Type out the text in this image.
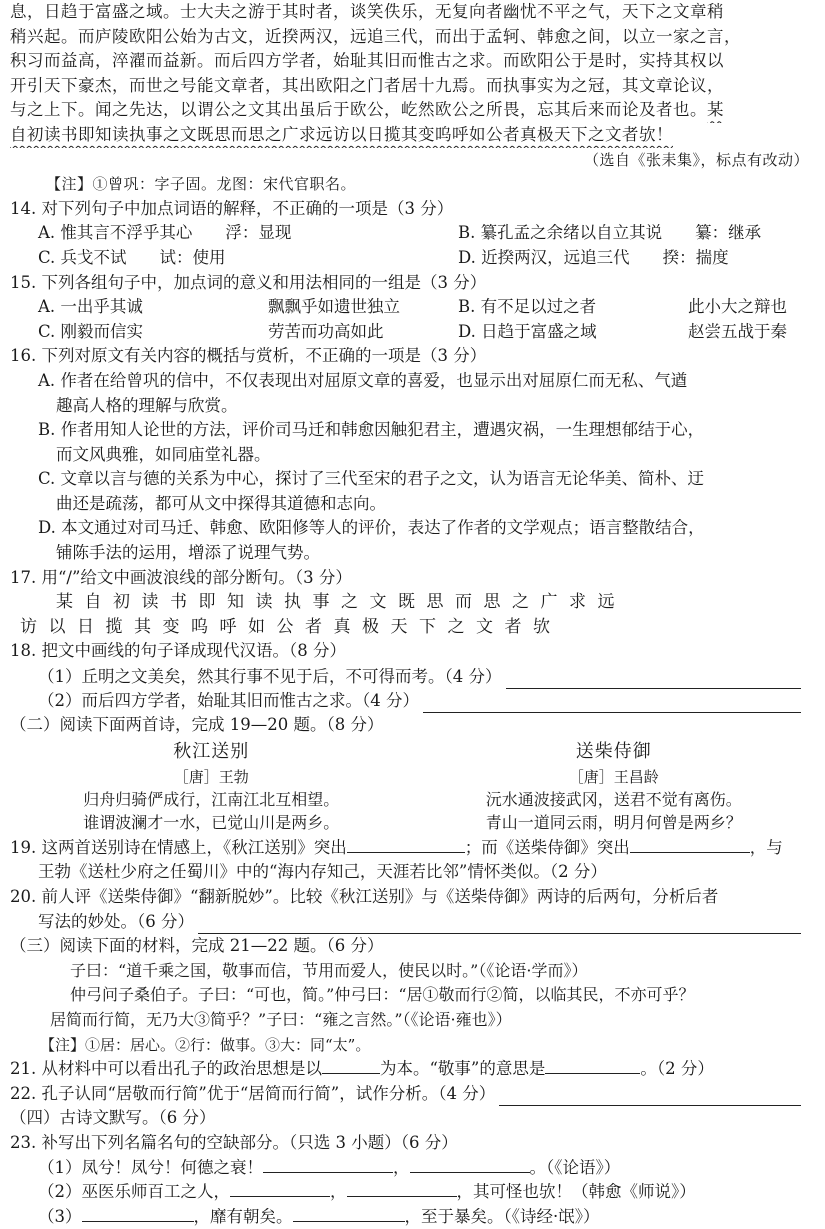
息，日趋于富盛之域。士大夫之游于其时者，谈笑佚乐，无复向者幽忧不平之气，天下之文章稍
稍兴起。而庐陵欧阳公始为古文，近揆两汉，远追三代，而出于孟轲、韩愈之间，以立一家之言，
积习而益高，淬濯而益新。而后四方学者，始耻其旧而惟古之求。而欧阳公于是时，实持其权以
开引天下豪杰，而世之号能文章者，其出欧阳之门者居十九焉。而执事实为之冠，其文章论议，
与之上下。闻之先达，以谓公之文其出虽后于欧公，屹然欧公之所畏，忘其后来而论及者也。某
自初读书即知读执事之文既思而思之广求远访以日揽其变呜呼如公者真极天下之文者欤！
（选自《张耒集》，标点有改动）
【注】①曾巩：字子固。龙图：宋代官职名。
14. 对下列句子中加点词语的解释，不正确的一项是（3 分）
A. 惟其言不浮乎其心　　浮：显现	B. 纂孔孟之余绪以自立其说　　纂：继承
C. 兵戈不试　　试：使用	D. 近揆两汉，远追三代　　揆：揣度
15. 下列各组句子中，加点词的意义和用法相同的一组是（3 分）
A. 一出乎其诚	飘飘乎如遗世独立	B. 有不足以过之者	此小大之辩也
C. 刚毅而信实	劳苦而功高如此	D. 日趋于富盛之域	赵尝五战于秦
16. 下列对原文有关内容的概括与赏析，不正确的一项是（3 分）
A. 作者在给曾巩的信中，不仅表现出对屈原文章的喜爱，也显示出对屈原仁而无私、气遒
趣高人格的理解与欣赏。
B. 作者用知人论世的方法，评价司马迁和韩愈因触犯君主，遭遇灾祸，一生理想郁结于心，
而文风典雅，如同庙堂礼器。
C. 文章以言与德的关系为中心，探讨了三代至宋的君子之文，认为语言无论华美、简朴、迂
曲还是疏荡，都可从文中探得其道德和志向。
D. 本文通过对司马迁、韩愈、欧阳修等人的评价，表达了作者的文学观点；语言整散结合，
铺陈手法的运用，增添了说理气势。
17. 用“/”给文中画波浪线的部分断句。（3 分）
某自初读书即知读执事之文既思而思之广求远
访以日揽其变呜呼如公者真极天下之文者欤
18. 把文中画线的句子译成现代汉语。（8 分）
（1）丘明之文美矣，然其行事不见于后，不可得而考。（4 分）
（2）而后四方学者，始耻其旧而惟古之求。（4 分）
（二）阅读下面两首诗，完成 19—20 题。（8 分）
秋江送别
［唐］王勃
归舟归骑俨成行，江南江北互相望。
谁谓波澜才一水，已觉山川是两乡。
送柴侍御
［唐］王昌龄
沅水通波接武冈，送君不觉有离伤。
青山一道同云雨，明月何曾是两乡？
19. 这两首送别诗在情感上，《秋江送别》突出	；而《送柴侍御》突出	，与
王勃《送杜少府之任蜀川》中的“海内存知己，天涯若比邻”情怀类似。（2 分）
20. 前人评《送柴侍御》“翻新脱妙”。比较《秋江送别》与《送柴侍御》两诗的后两句，分析后者
写法的妙处。（6 分）
（三）阅读下面的材料，完成 21—22 题。（6 分）
子曰：“道千乘之国，敬事而信，节用而爱人，使民以时。”（《论语·学而》）
仲弓问子桑伯子。子曰：“可也，简。”仲弓曰：“居①敬而行②简，以临其民，不亦可乎？
居简而行简，无乃大③简乎？”子曰：“雍之言然。”（《论语·雍也》）
【注】①居：居心。②行：做事。③大：同“太”。
21. 从材料中可以看出孔子的政治思想是以	为本。“敬事”的意思是	。（2 分）
22. 孔子认同“居敬而行简”优于“居简而行简”，试作分析。（4 分）
（四）古诗文默写。（6 分）
23. 补写出下列名篇名句的空缺部分。（只选 3 小题）（6 分）
（1）凤兮！凤兮！何德之衰！	，	。（《论语》）
（2）巫医乐师百工之人，	，	，其可怪也欤！（韩愈《师说》）
（3）	，靡有朝矣。	，至于暴矣。（《诗经·氓》）
